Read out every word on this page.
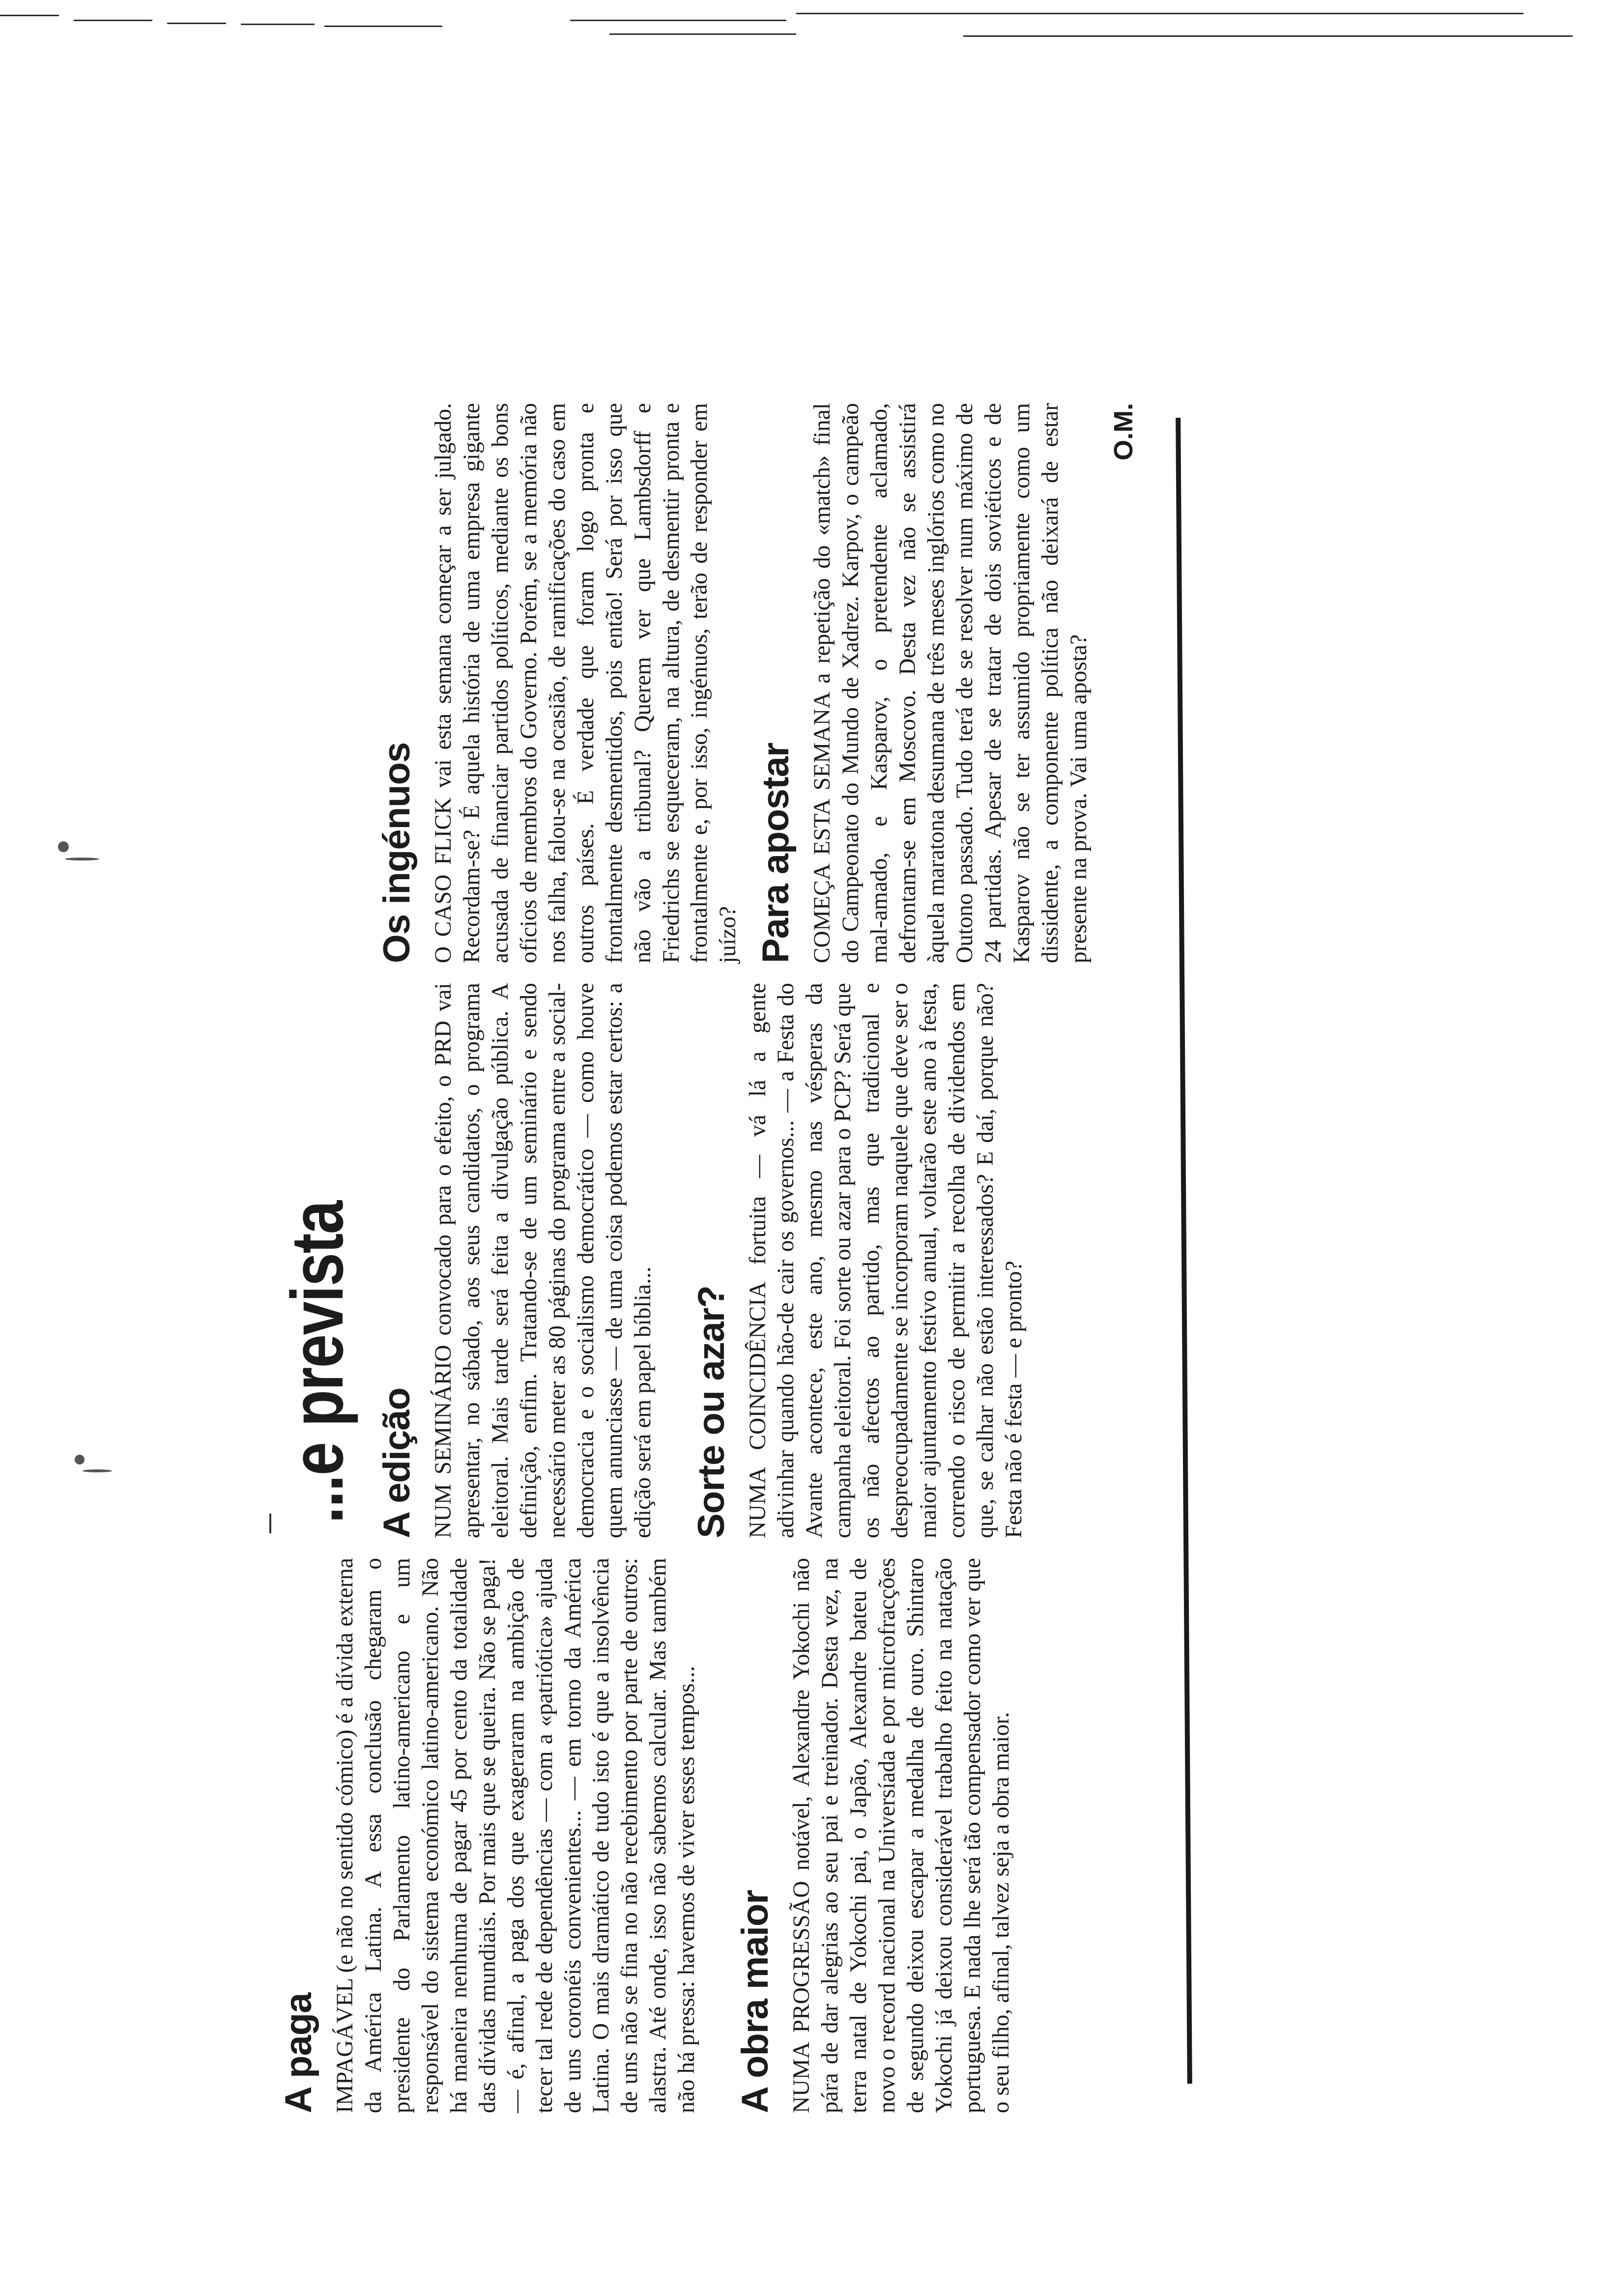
...e prevista
A paga IMPAGÁVEL (e não no sentido cómico) é a dívida externa da América Latina. A essa conclusão chegaram o presidente do Parlamento latino-americano e um responsável do sistema económico latino-americano. Não há maneira nenhuma de pagar 45 por cento da totalidade das dívidas mundiais. Por mais que se queira. Não se paga! — é, afinal, a paga dos que exageraram na ambição de tecer tal rede de dependências — com a «patriótica» ajuda de uns coronéis convenientes... — em torno da América Latina. O mais dramático de tudo isto é que a insolvência de uns não se fina no não recebimento por parte de outros: alastra. Até onde, isso não sabemos calcular. Mas também não há pressa: havemos de viver esses tempos... A obra maior NUMA PROGRESSÃO notável, Alexandre Yokochi não pára de dar alegrias ao seu pai e treinador. Desta vez, na terra natal de Yokochi pai, o Japão, Alexandre bateu de novo o record nacional na Universíada e por microfracções de segundo deixou escapar a medalha de ouro. Shintaro Yokochi já deixou considerável trabalho feito na natação portuguesa. E nada lhe será tão compensador como ver que o seu filho, afinal, talvez seja a obra maior.

A edição NUM SEMINÁRIO convocado para o efeito, o PRD vai apresentar, no sábado, aos seus candidatos, o programa eleitoral. Mais tarde será feita a divulgação pública. A definição, enfim. Tratando-se de um seminário e sendo necessário meter as 80 páginas do programa entre a social-democracia e o socialismo democrático — como houve quem anunciasse — de uma coisa podemos estar certos: a edição será em papel bíblia... Sorte ou azar? NUMA COINCIDÊNCIA fortuita — vá lá a gente adivinhar quando hão-de cair os governos... — a Festa do Avante acontece, este ano, mesmo nas vésperas da campanha eleitoral. Foi sorte ou azar para o PCP? Será que os não afectos ao partido, mas que tradicional e despreocupadamente se incorporam naquele que deve ser o maior ajuntamento festivo anual, voltarão este ano à festa, correndo o risco de permitir a recolha de dividendos em que, se calhar não estão interessados? E daí, porque não? Festa não é festa — e pronto?

Os ingénuos O CASO FLICK vai esta semana começar a ser julgado. Recordam-se? É aquela história de uma empresa gigante acusada de financiar partidos políticos, mediante os bons ofícios de membros do Governo. Porém, se a memória não nos falha, falou-se na ocasião, de ramificações do caso em outros países. É verdade que foram logo pronta e frontalmente desmentidos, pois então! Será por isso que não vão a tribunal? Querem ver que Lambsdorff e Friedrichs se esqueceram, na altura, de desmentir pronta e frontalmente e, por isso, ingénuos, terão de responder em juízo? Para apostar COMEÇA ESTA SEMANA a repetição do «match» final do Campeonato do Mundo de Xadrez. Karpov, o campeão mal-amado, e Kasparov, o pretendente aclamado, defrontam-se em Moscovo. Desta vez não se assistirá àquela maratona desumana de três meses inglórios como no Outono passado. Tudo terá de se resolver num máximo de 24 partidas. Apesar de se tratar de dois soviéticos e de Kasparov não se ter assumido propriamente como um dissidente, a componente política não deixará de estar presente na prova. Vai uma aposta?

O.M.
